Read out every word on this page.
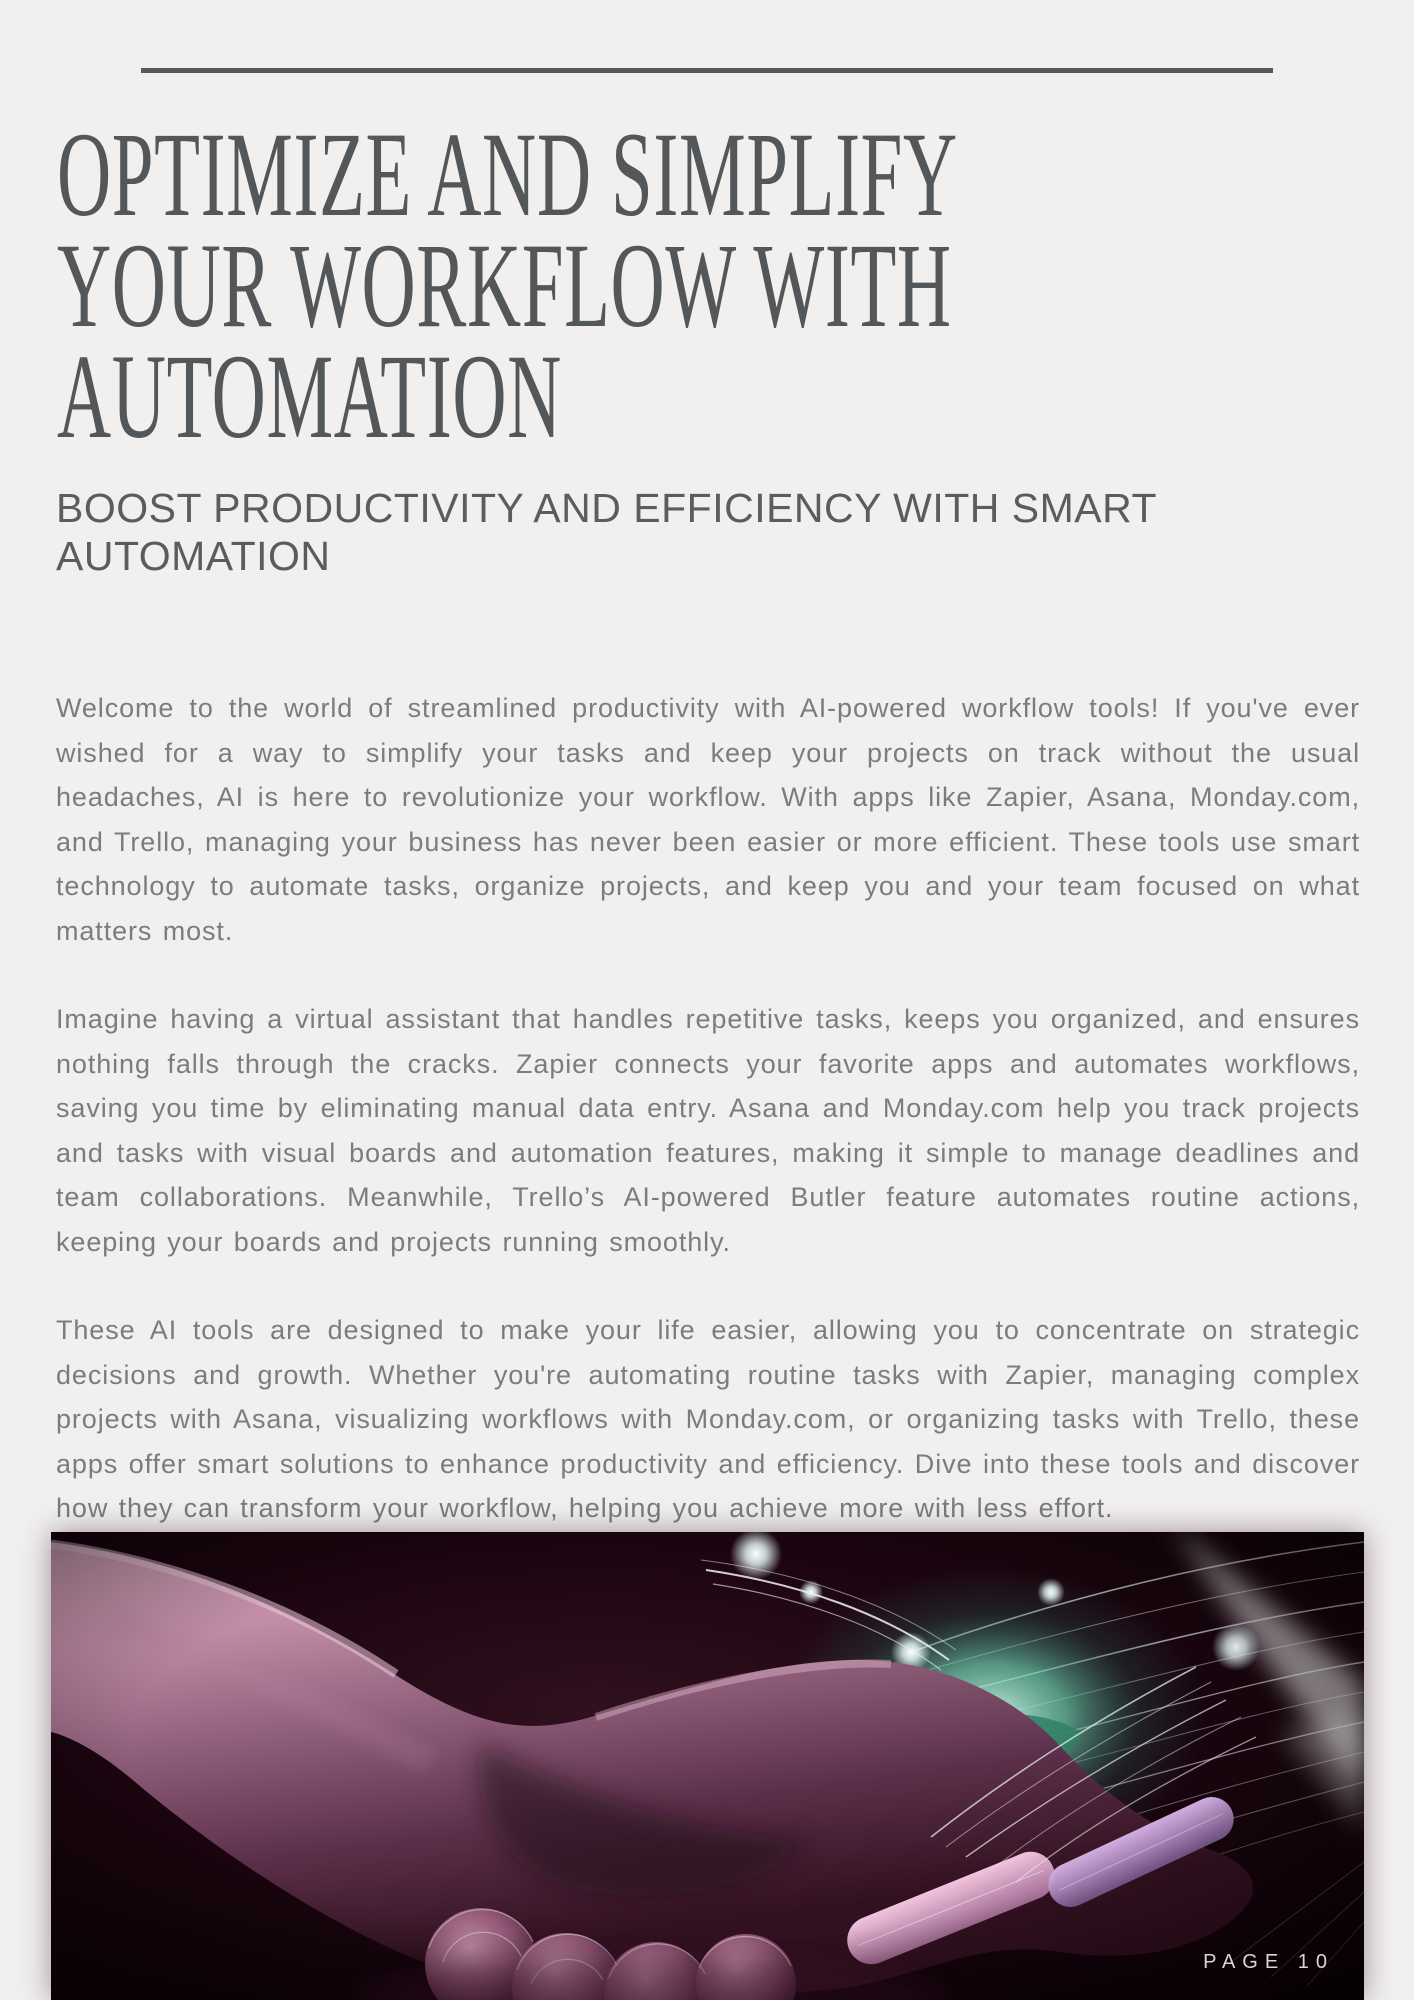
OPTIMIZE AND SIMPLIFY
YOUR WORKFLOW WITH
AUTOMATION
BOOST PRODUCTIVITY AND EFFICIENCY WITH SMART AUTOMATION

Welcome to the world of streamlined productivity with AI-powered workflow tools! If you've ever wished for a way to simplify your tasks and keep your projects on track without the usual headaches, AI is here to revolutionize your workflow. With apps like Zapier, Asana, Monday.com, and Trello, managing your business has never been easier or more efficient. These tools use smart technology to automate tasks, organize projects, and keep you and your team focused on what matters most.

Imagine having a virtual assistant that handles repetitive tasks, keeps you organized, and ensures nothing falls through the cracks. Zapier connects your favorite apps and automates workflows, saving you time by eliminating manual data entry. Asana and Monday.com help you track projects and tasks with visual boards and automation features, making it simple to manage deadlines and team collaborations. Meanwhile, Trello’s AI-powered Butler feature automates routine actions, keeping your boards and projects running smoothly.

These AI tools are designed to make your life easier, allowing you to concentrate on strategic decisions and growth. Whether you're automating routine tasks with Zapier, managing complex projects with Asana, visualizing workflows with Monday.com, or organizing tasks with Trello, these apps offer smart solutions to enhance productivity and efficiency. Dive into these tools and discover how they can transform your workflow, helping you achieve more with less effort.

PAGE 10
